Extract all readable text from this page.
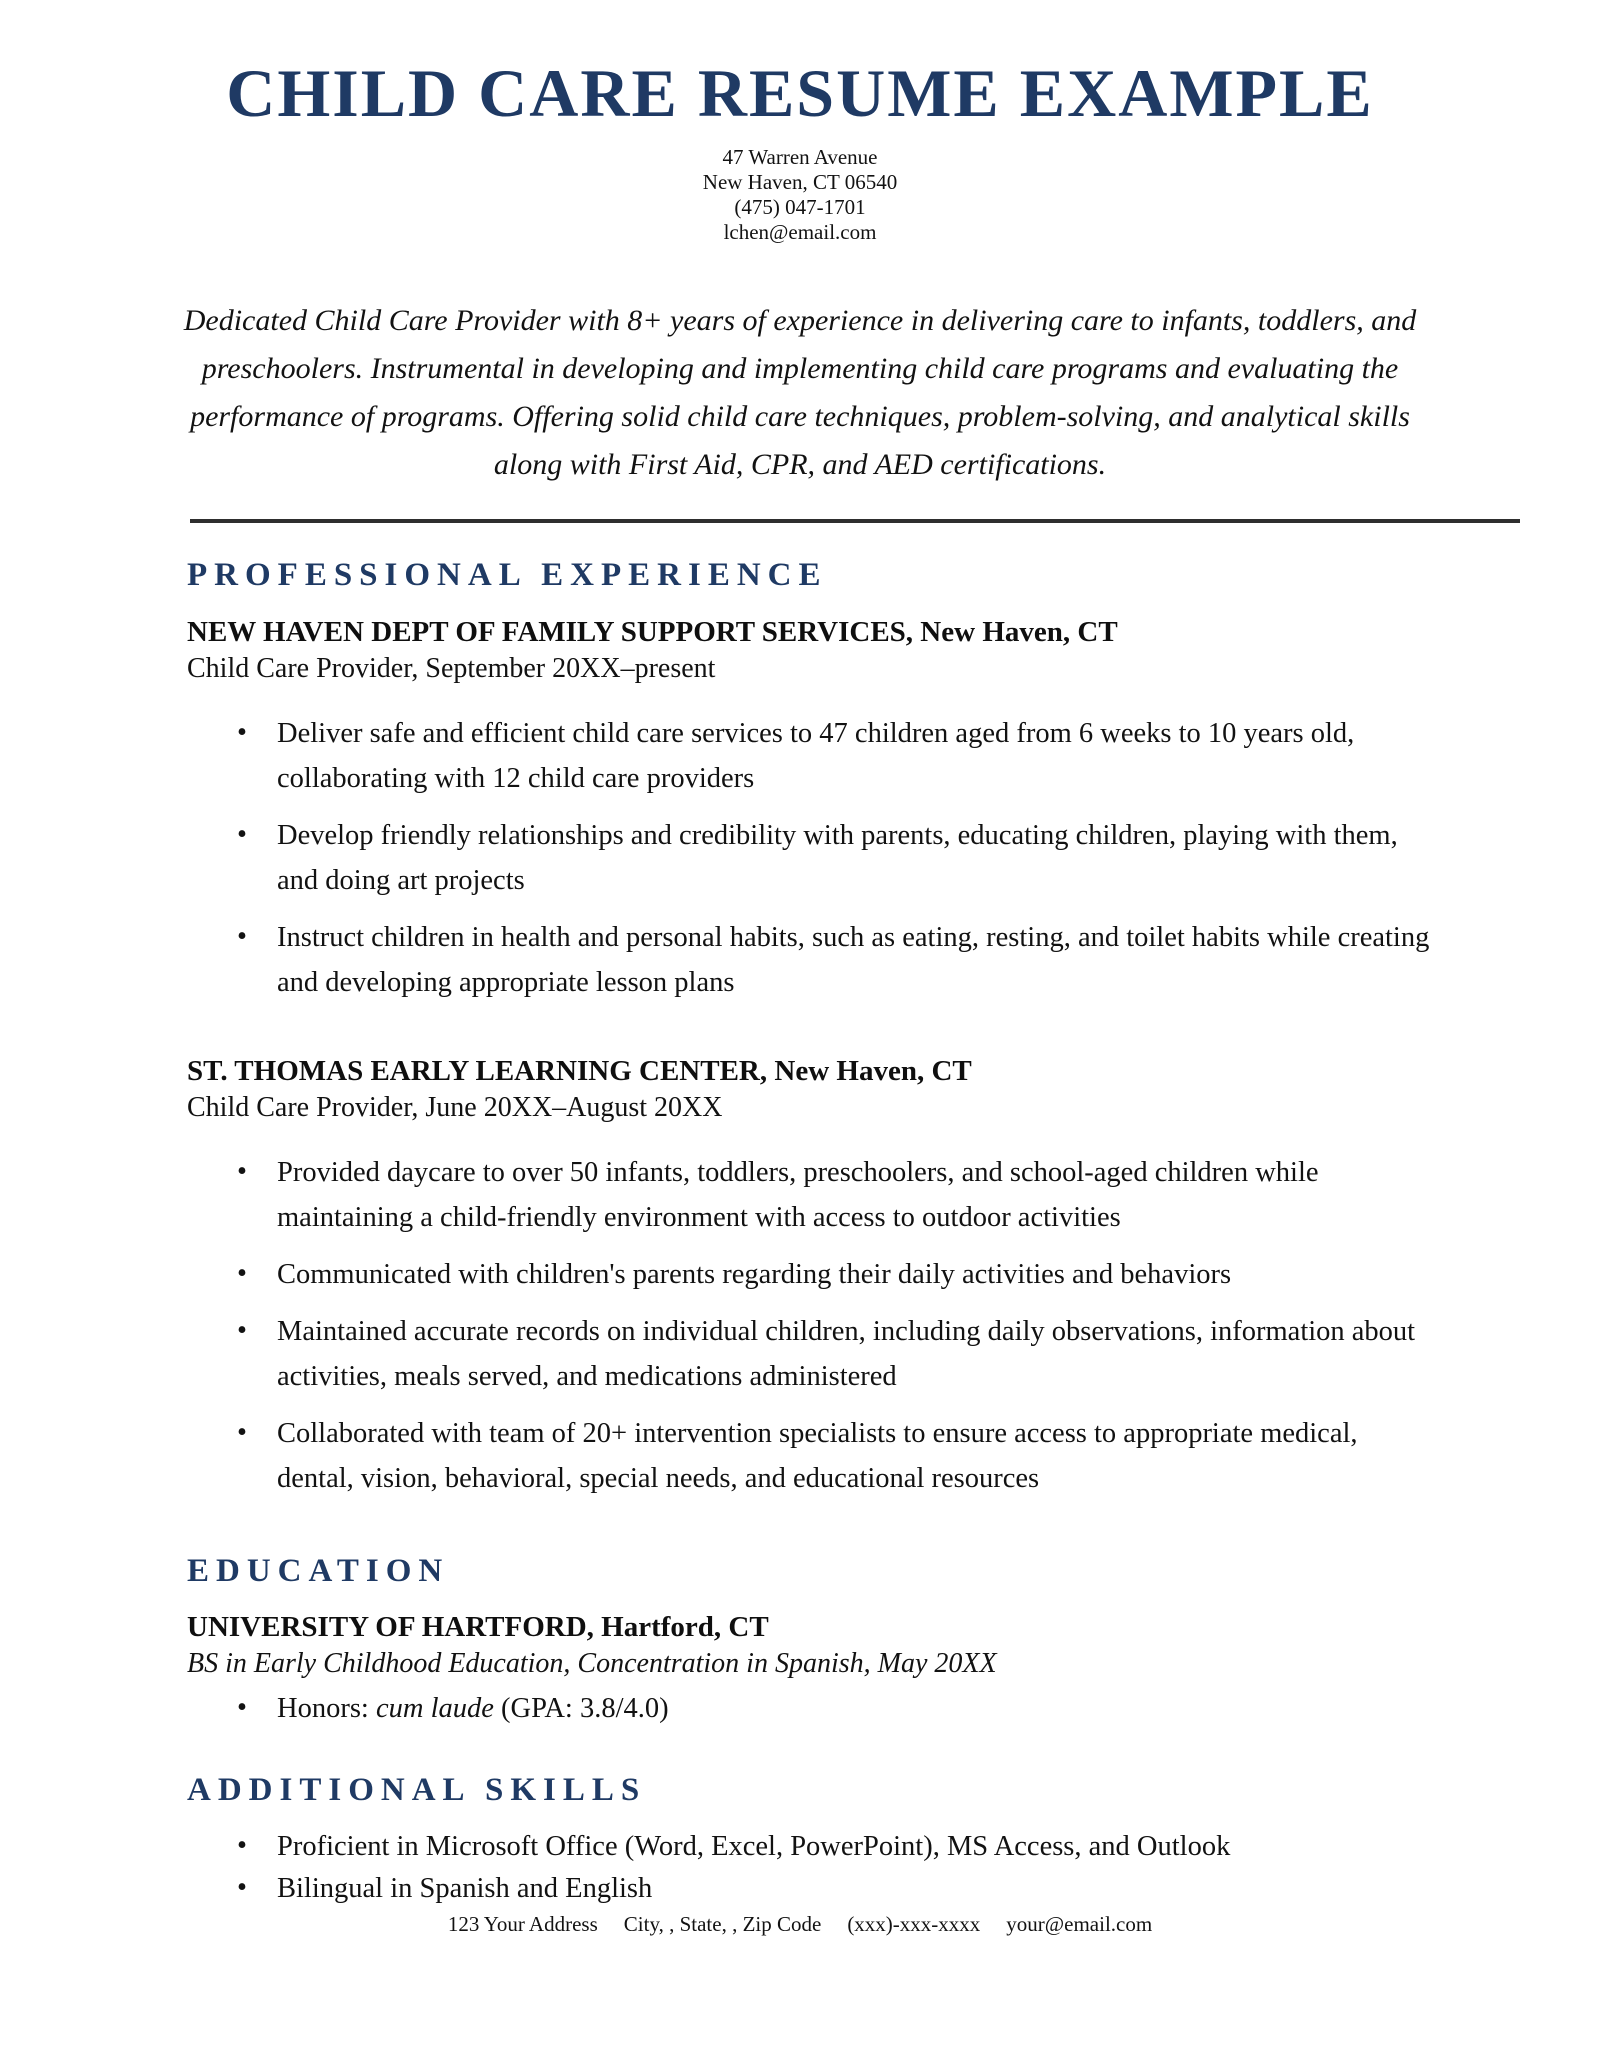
CHILD CARE RESUME EXAMPLE
47 Warren Avenue
New Haven, CT 06540
(475) 047-1701
lchen@email.com

Dedicated Child Care Provider with 8+ years of experience in delivering care to infants, toddlers, and preschoolers. Instrumental in developing and implementing child care programs and evaluating the performance of programs. Offering solid child care techniques, problem-solving, and analytical skills along with First Aid, CPR, and AED certifications.

PROFESSIONAL EXPERIENCE
NEW HAVEN DEPT OF FAMILY SUPPORT SERVICES, New Haven, CT
Child Care Provider, September 20XX–present
• Deliver safe and efficient child care services to 47 children aged from 6 weeks to 10 years old, collaborating with 12 child care providers
• Develop friendly relationships and credibility with parents, educating children, playing with them, and doing art projects
• Instruct children in health and personal habits, such as eating, resting, and toilet habits while creating and developing appropriate lesson plans
ST. THOMAS EARLY LEARNING CENTER, New Haven, CT
Child Care Provider, June 20XX–August 20XX
• Provided daycare to over 50 infants, toddlers, preschoolers, and school-aged children while maintaining a child-friendly environment with access to outdoor activities
• Communicated with children's parents regarding their daily activities and behaviors
• Maintained accurate records on individual children, including daily observations, information about activities, meals served, and medications administered
• Collaborated with team of 20+ intervention specialists to ensure access to appropriate medical, dental, vision, behavioral, special needs, and educational resources
EDUCATION
UNIVERSITY OF HARTFORD, Hartford, CT
BS in Early Childhood Education, Concentration in Spanish, May 20XX
• Honors: cum laude (GPA: 3.8/4.0)
ADDITIONAL SKILLS
• Proficient in Microsoft Office (Word, Excel, PowerPoint), MS Access, and Outlook
• Bilingual in Spanish and English
123 Your Address City, , State, , Zip Code (xxx)-xxx-xxxx your@email.com
